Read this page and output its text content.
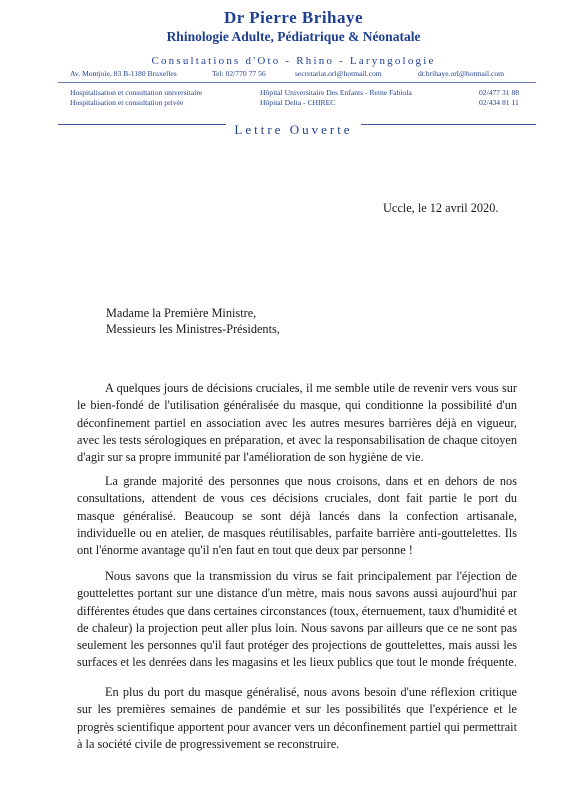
Dr Pierre Brihaye
Rhinologie Adulte, Pédiatrique & Néonatale
Consultations d'Oto - Rhino - Laryngologie
Av. Montjoie, 83 B-1180 Bruxelles	Tel: 02/770 77 56	secretariat.orl@hotmail.com	dr.brihaye.orl@hotmail.com
Hospitalisation et consultation universitaire	Hôpital Universitaire Des Enfants - Reine Fabiola	02/477 31 88
Hospitalisation et consultation privée	Hôpital Delta - CHIREC	02/434 81 11
Lettre Ouverte
Uccle, le 12 avril 2020.
Madame la Première Ministre,
Messieurs les Ministres-Présidents,
A quelques jours de décisions cruciales, il me semble utile de revenir vers vous sur le bien-fondé de l'utilisation généralisée du masque, qui conditionne la possibilité d'un déconfinement partiel en association avec les autres mesures barrières déjà en vigueur, avec les tests sérologiques en préparation, et avec la responsabilisation de chaque citoyen d'agir sur sa propre immunité par l'amélioration de son hygiène de vie.
La grande majorité des personnes que nous croisons, dans et en dehors de nos consultations, attendent de vous ces décisions cruciales, dont fait partie le port du masque généralisé. Beaucoup se sont déjà lancés dans la confection artisanale, individuelle ou en atelier, de masques réutilisables, parfaite barrière anti-gouttelettes. Ils ont l'énorme avantage qu'il n'en faut en tout que deux par personne !
Nous savons que la transmission du virus se fait principalement par l'éjection de gouttelettes portant sur une distance d'un mètre, mais nous savons aussi aujourd'hui par différentes études que dans certaines circonstances (toux, éternuement, taux d'humidité et de chaleur) la projection peut aller plus loin. Nous savons par ailleurs que ce ne sont pas seulement les personnes qu'il faut protéger des projections de gouttelettes, mais aussi les surfaces et les denrées dans les magasins et les lieux publics que tout le monde fréquente.
En plus du port du masque généralisé, nous avons besoin d'une réflexion critique sur les premières semaines de pandémie et sur les possibilités que l'expérience et le progrès scientifique apportent pour avancer vers un déconfinement partiel qui permettrait à la société civile de progressivement se reconstruire.
